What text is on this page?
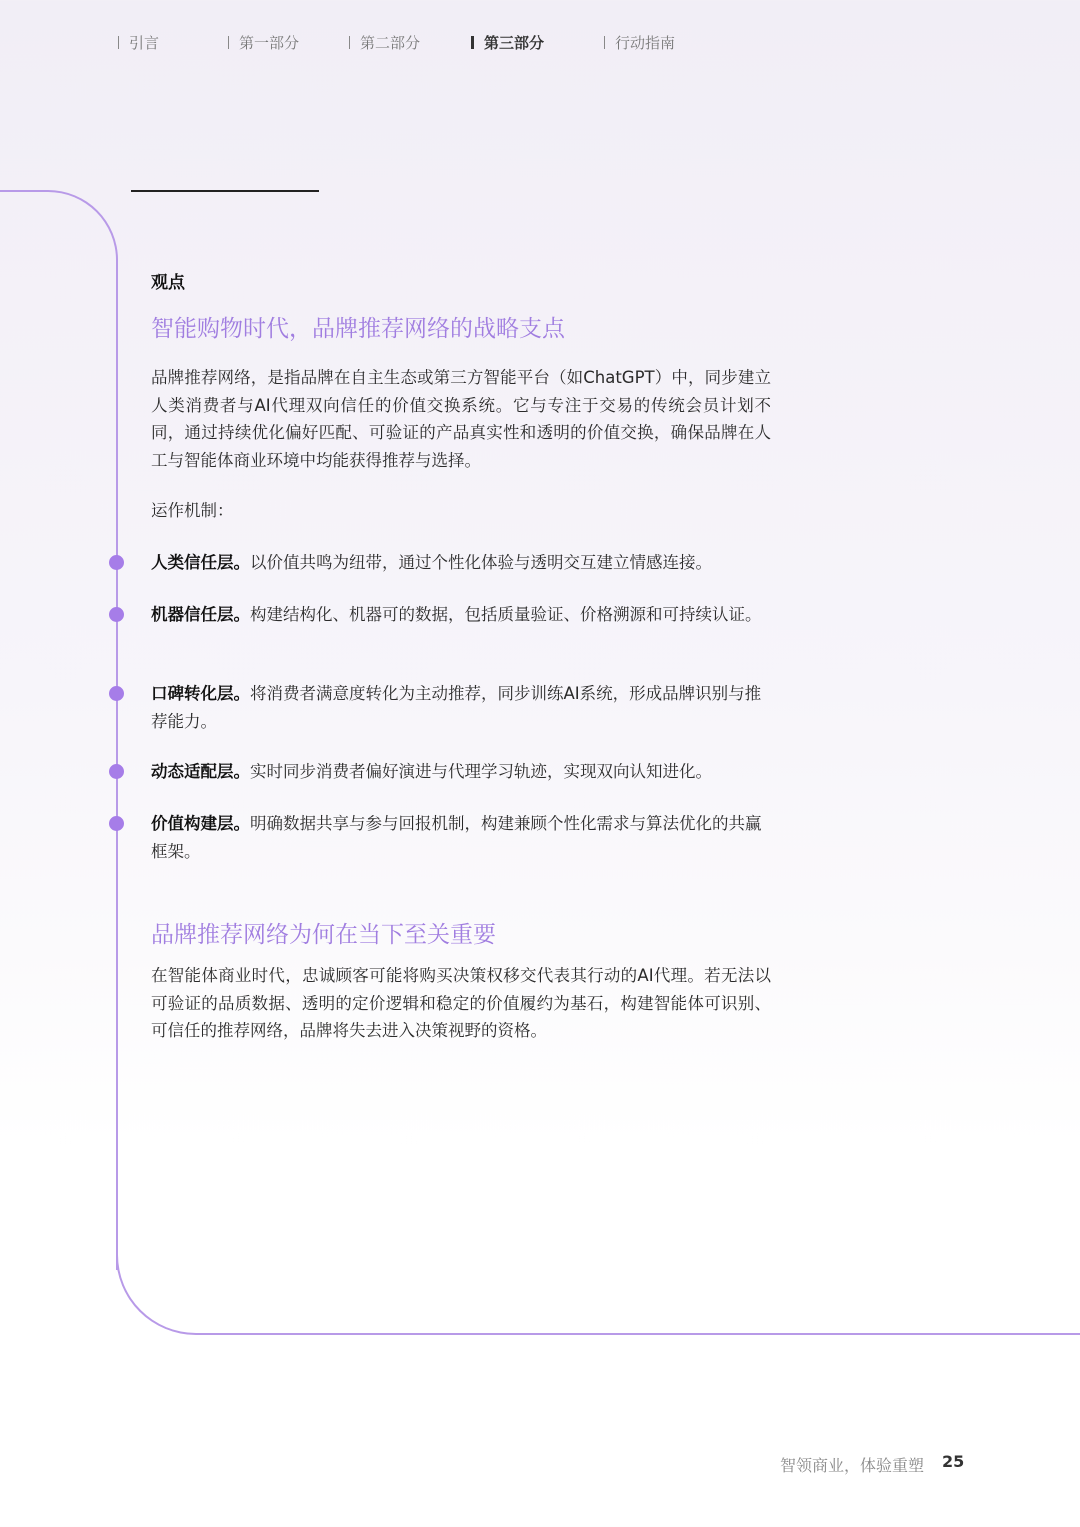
引言	第一部分	第二部分	第三部分	行动指南
观点
智能购物时代，品牌推荐网络的战略支点
品牌推荐网络，是指品牌在自主生态或第三方智能平台（如ChatGPT）中，同步建立人类消费者与AI代理双向信任的价值交换系统。它与专注于交易的传统会员计划不同，通过持续优化偏好匹配、可验证的产品真实性和透明的价值交换，确保品牌在人工与智能体商业环境中均能获得推荐与选择。
运作机制：
人类信任层。以价值共鸣为纽带，通过个性化体验与透明交互建立情感连接。
机器信任层。构建结构化、机器可的数据，包括质量验证、价格溯源和可持续认证。
口碑转化层。将消费者满意度转化为主动推荐，同步训练AI系统，形成品牌识别与推荐能力。
动态适配层。实时同步消费者偏好演进与代理学习轨迹，实现双向认知进化。
价值构建层。明确数据共享与参与回报机制，构建兼顾个性化需求与算法优化的共赢框架。
品牌推荐网络为何在当下至关重要
在智能体商业时代，忠诚顾客可能将购买决策权移交代表其行动的AI代理。若无法以可验证的品质数据、透明的定价逻辑和稳定的价值履约为基石，构建智能体可识别、可信任的推荐网络，品牌将失去进入决策视野的资格。
智领商业，体验重塑 25
